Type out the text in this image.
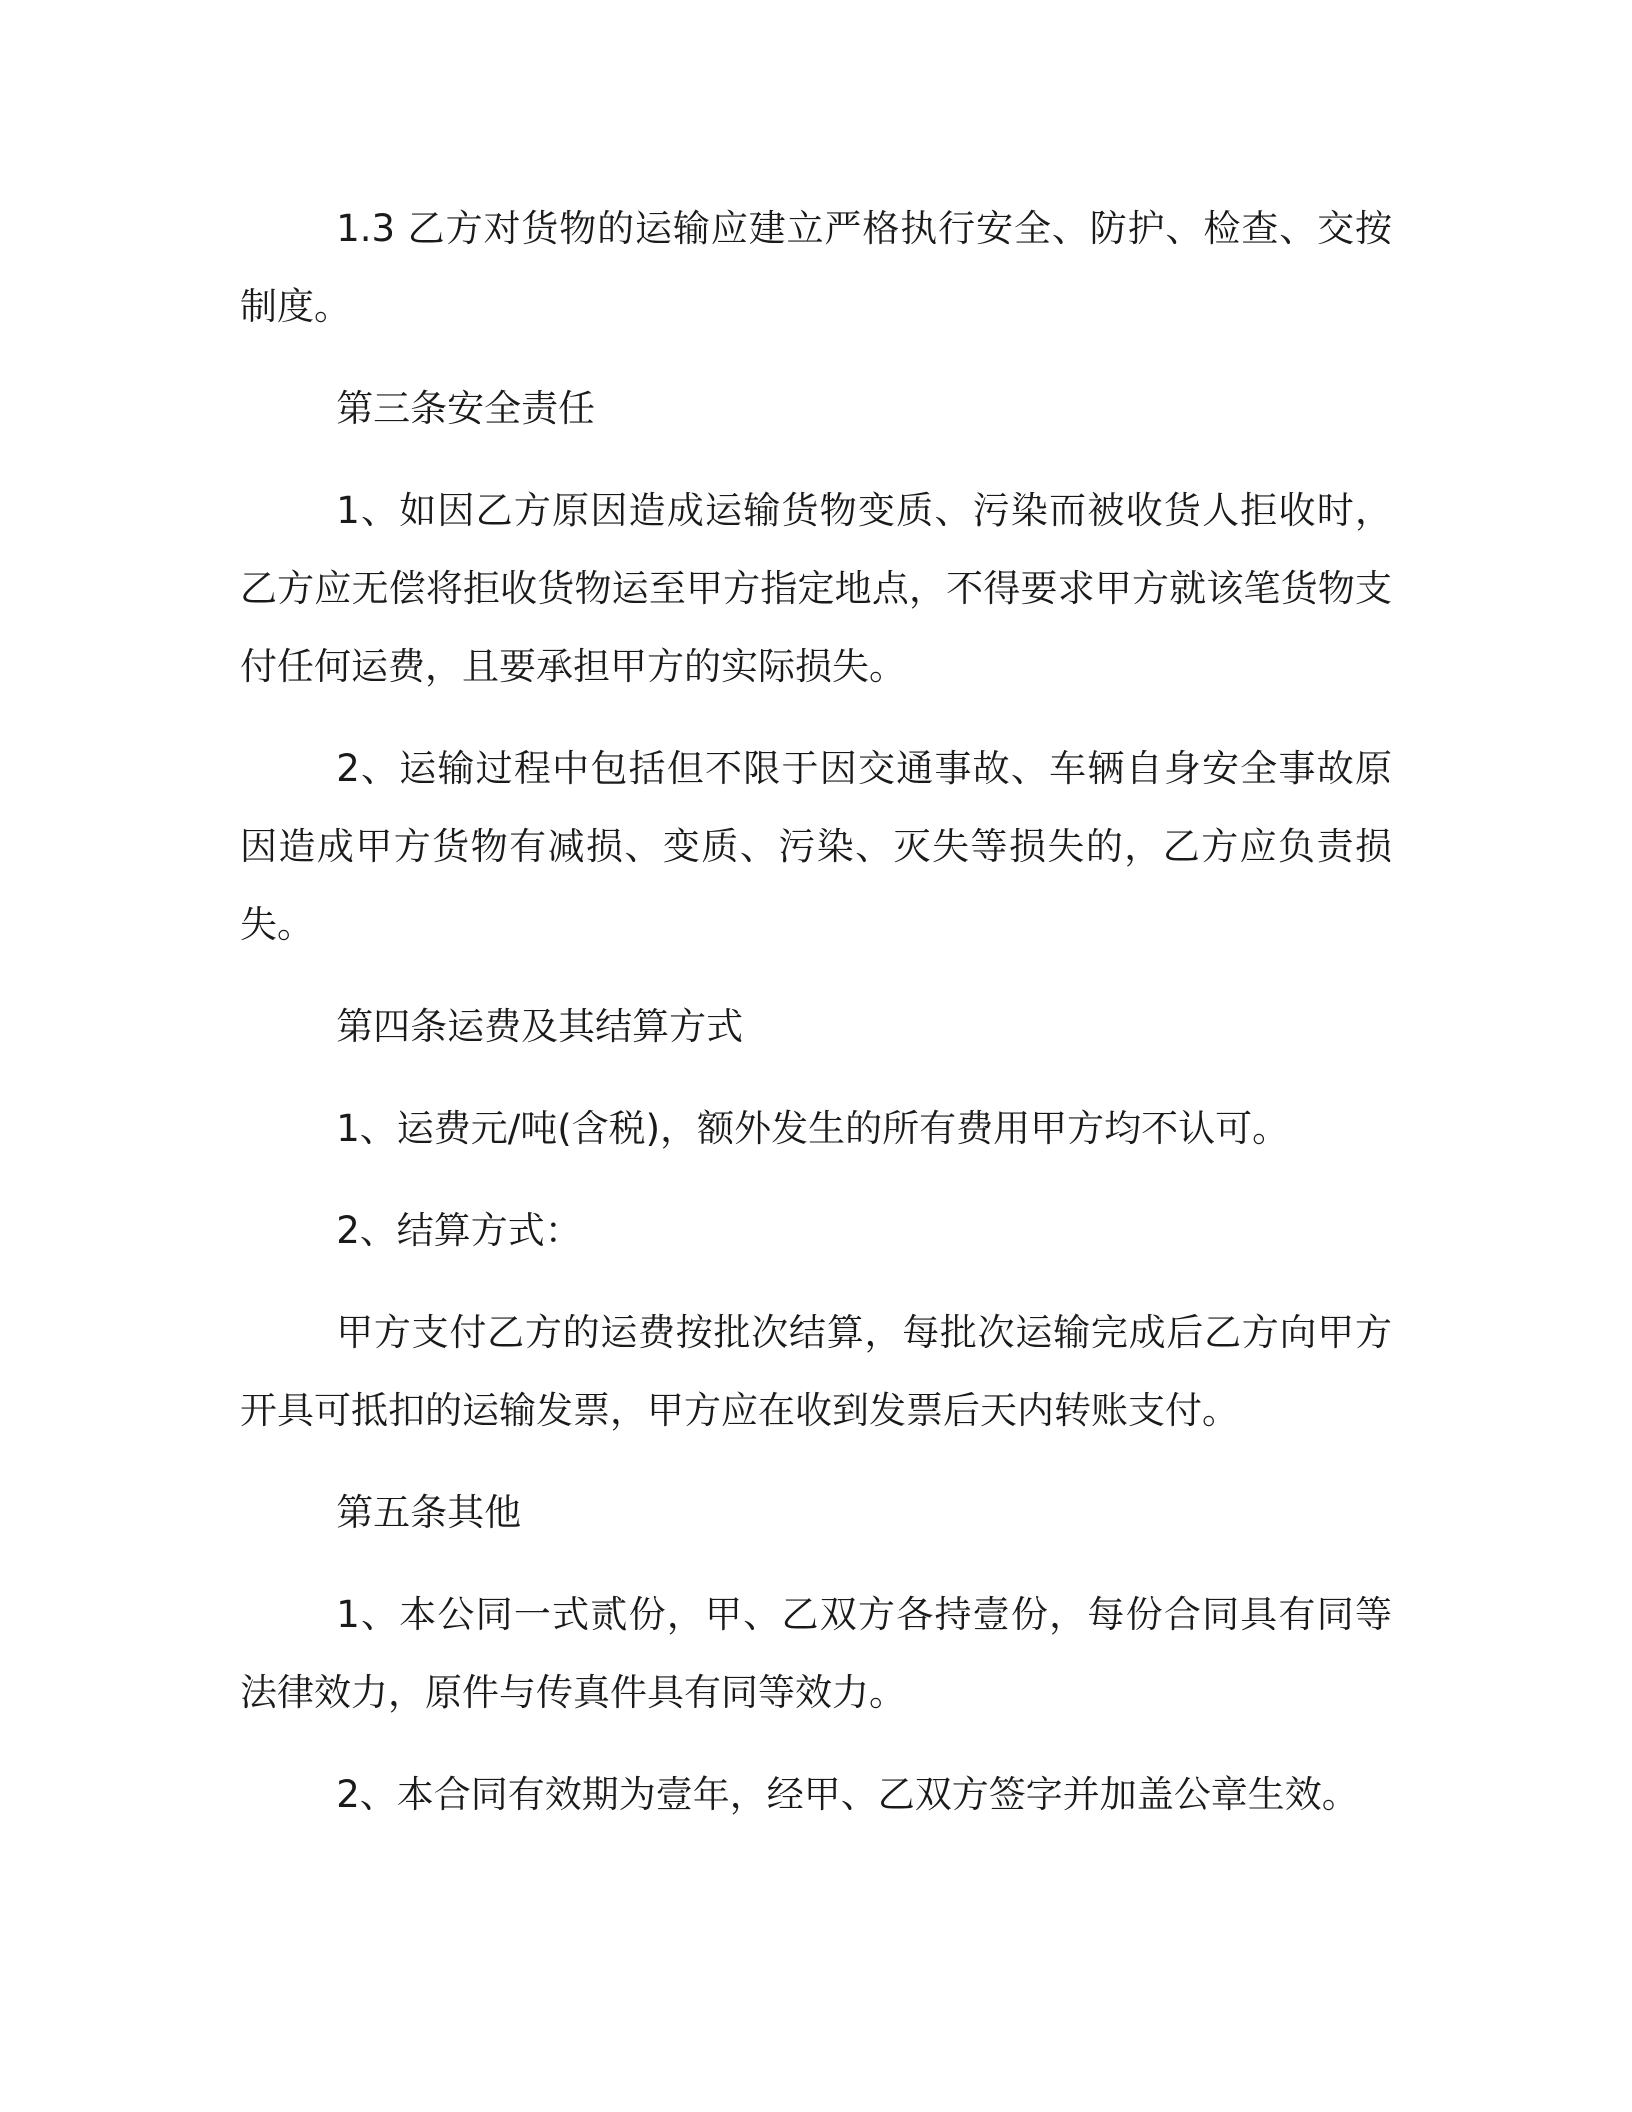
1.3 乙方对货物的运输应建立严格执行安全、防护、检查、交按制度。

第三条安全责任

1、如因乙方原因造成运输货物变质、污染而被收货人拒收时，乙方应无偿将拒收货物运至甲方指定地点，不得要求甲方就该笔货物支付任何运费，且要承担甲方的实际损失。

2、运输过程中包括但不限于因交通事故、车辆自身安全事故原因造成甲方货物有减损、变质、污染、灭失等损失的，乙方应负责损失。

第四条运费及其结算方式

1、运费元/吨(含税)，额外发生的所有费用甲方均不认可。

2、结算方式：

甲方支付乙方的运费按批次结算，每批次运输完成后乙方向甲方开具可抵扣的运输发票，甲方应在收到发票后天内转账支付。

第五条其他

1、本公同一式贰份，甲、乙双方各持壹份，每份合同具有同等法律效力，原件与传真件具有同等效力。

2、本合同有效期为壹年，经甲、乙双方签字并加盖公章生效。
